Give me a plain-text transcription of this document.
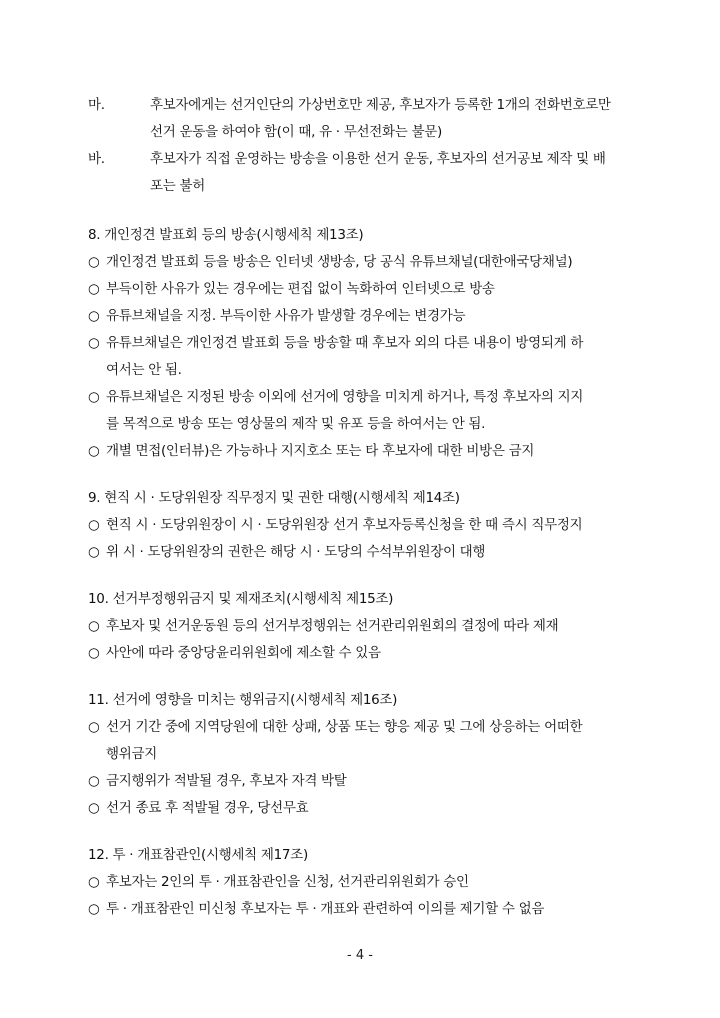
마.	후보자에게는 선거인단의 가상번호만 제공, 후보자가 등록한 1개의 전화번호로만
선거 운동을 하여야 함(이 때, 유 · 무선전화는 불문)
바.	후보자가 직접 운영하는 방송을 이용한 선거 운동, 후보자의 선거공보 제작 및 배
포는 불허
8. 개인정견 발표회 등의 방송(시행세칙 제13조)
○ 개인정견 발표회 등을 방송은 인터넷 생방송, 당 공식 유튜브채널(대한애국당채널)
○ 부득이한 사유가 있는 경우에는 편집 없이 녹화하여 인터넷으로 방송
○ 유튜브채널을 지정. 부득이한 사유가 발생할 경우에는 변경가능
○ 유튜브채널은 개인정견 발표회 등을 방송할 때 후보자 외의 다른 내용이 방영되게 하
여서는 안 됨.
○ 유튜브채널은 지정된 방송 이외에 선거에 영향을 미치게 하거나, 특정 후보자의 지지
를 목적으로 방송 또는 영상물의 제작 및 유포 등을 하여서는 안 됨.
○ 개별 면접(인터뷰)은 가능하나 지지호소 또는 타 후보자에 대한 비방은 금지
9. 현직 시 · 도당위원장 직무정지 및 권한 대행(시행세칙 제14조)
○ 현직 시 · 도당위원장이 시 · 도당위원장 선거 후보자등록신청을 한 때 즉시 직무정지
○ 위 시 · 도당위원장의 권한은 해당 시 · 도당의 수석부위원장이 대행
10. 선거부정행위금지 및 제재조치(시행세칙 제15조)
○ 후보자 및 선거운동원 등의 선거부정행위는 선거관리위원회의 결정에 따라 제재
○ 사안에 따라 중앙당윤리위원회에 제소할 수 있음
11. 선거에 영향을 미치는 행위금지(시행세칙 제16조)
○ 선거 기간 중에 지역당원에 대한 상패, 상품 또는 향응 제공 및 그에 상응하는 어떠한
행위금지
○ 금지행위가 적발될 경우, 후보자 자격 박탈
○ 선거 종료 후 적발될 경우, 당선무효
12. 투 · 개표참관인(시행세칙 제17조)
○ 후보자는 2인의 투 · 개표참관인을 신청, 선거관리위원회가 승인
○ 투 · 개표참관인 미신청 후보자는 투 · 개표와 관련하여 이의를 제기할 수 없음
- 4 -
